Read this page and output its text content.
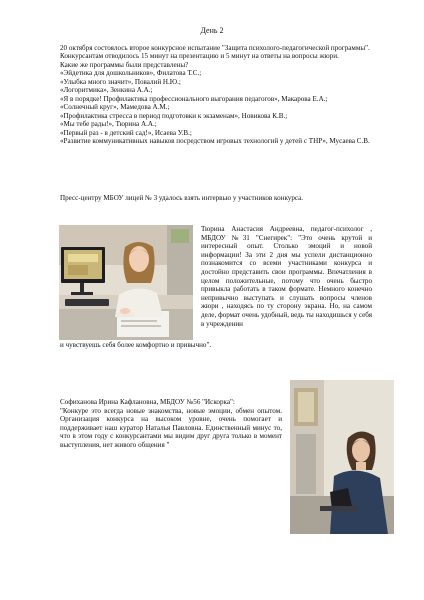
День 2

20 октября состоялось второе конкурсное испытание "Защита психолого-педагогической программы". Конкурсантам отводилось 15 минут на презентацию и 5 минут на ответы на вопросы жюри.

Какие же программы были представлены?

«Эйдетика для дошкольников», Филатова Т.С.;
«Улыбка много значит», Повалий Н.Ю.;
«Логоритмика», Зенкина А.А.;
«Я в порядке! Профилактика профессионального выгорания педагогов», Макарова Е.А.;
«Солнечный круг», Мамедова А.М.;
«Профилактика стресса в период подготовки к экзаменам», Новикова К.В.;
«Мы тебе рады!», Тюрина А.А.;
«Первый раз - в детский сад!», Исаева У.В.;
«Развитие коммуникативных навыков посредством игровых технологий у детей с ТНР», Мусаева С.В.
Пресс-центру МБОУ лицей № 3 удалось взять интервью у участников конкурса.
Тюрина Анастасия Андреевна, педагог-психолог , МБДОУ №31 "Снегирек": "Это очень крутой и интересный опыт. Столько эмоций и новой информации! За эти 2 дня мы успели дистанционно познакомится со всеми участниками конкурса и достойно представить свои программы. Впечатления в целом положительные, потому что очень быстро привыкла работать в таком формате. Немного конечно непривычно выступать и слушать вопросы членов жюри , находясь по ту сторону экрана. Но, на самом деле, формат очень удобный, ведь ты находишься у себя в учреждении
и чувствуешь себя более комфортно и привычно".
Софиханова Ирина Кафлановна, МБДОУ №56 "Искорка":
"Конкуре это всегда новые знакомства, новые эмоции, обмен опытом. Организация конкурса на высоком уровне, очень помогает и поддерживает наш куратор Наталья Павловна. Единственный минус то, что в этом году с конкурсантами мы видим друг друга только в момент выступления, нет живого общения "
